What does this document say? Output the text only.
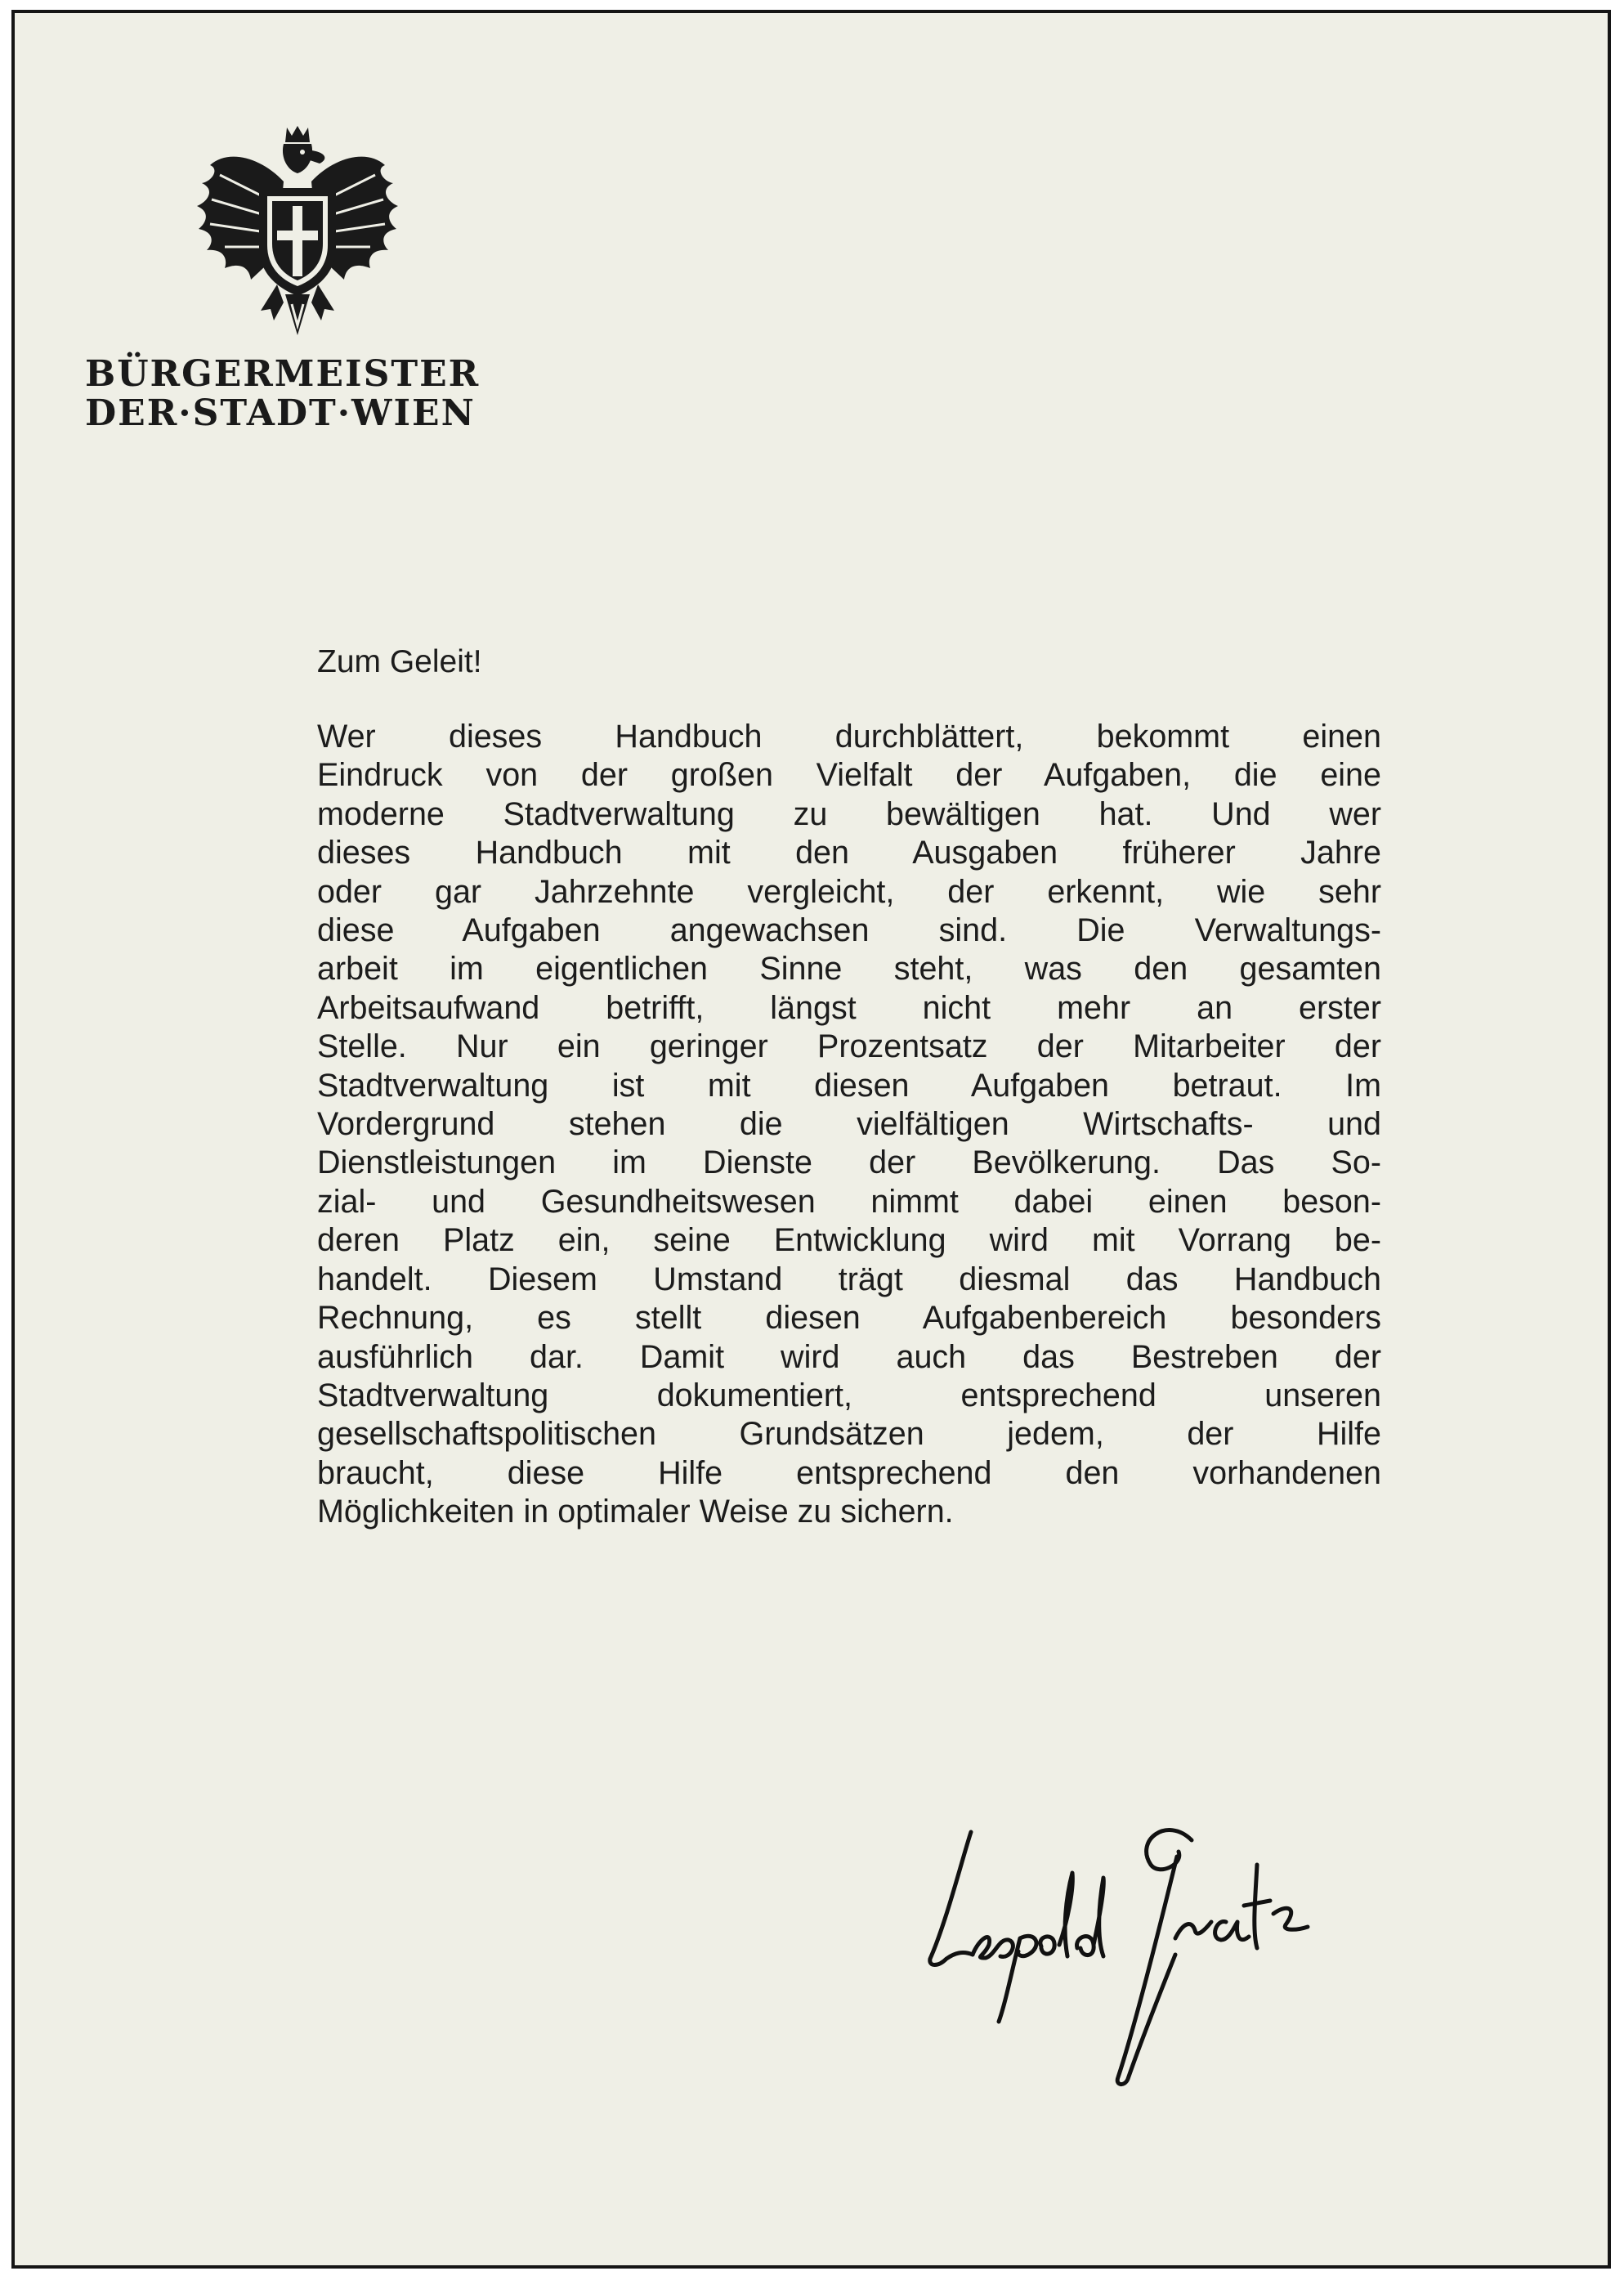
BÜRGERMEISTER
DER·STADT·WIEN
Zum Geleit!
Wer dieses Handbuch durchblättert, bekommt einen
Eindruck von der großen Vielfalt der Aufgaben, die eine
moderne Stadtverwaltung zu bewältigen hat. Und wer
dieses Handbuch mit den Ausgaben früherer Jahre
oder gar Jahrzehnte vergleicht, der erkennt, wie sehr
diese Aufgaben angewachsen sind. Die Verwaltungs-
arbeit im eigentlichen Sinne steht, was den gesamten
Arbeitsaufwand betrifft, längst nicht mehr an erster
Stelle. Nur ein geringer Prozentsatz der Mitarbeiter der
Stadtverwaltung ist mit diesen Aufgaben betraut. Im
Vordergrund stehen die vielfältigen Wirtschafts- und
Dienstleistungen im Dienste der Bevölkerung. Das So-
zial- und Gesundheitswesen nimmt dabei einen beson-
deren Platz ein, seine Entwicklung wird mit Vorrang be-
handelt. Diesem Umstand trägt diesmal das Handbuch
Rechnung, es stellt diesen Aufgabenbereich besonders
ausführlich dar. Damit wird auch das Bestreben der
Stadtverwaltung dokumentiert, entsprechend unseren
gesellschaftspolitischen Grundsätzen jedem, der Hilfe
braucht, diese Hilfe entsprechend den vorhandenen
Möglichkeiten in optimaler Weise zu sichern.
